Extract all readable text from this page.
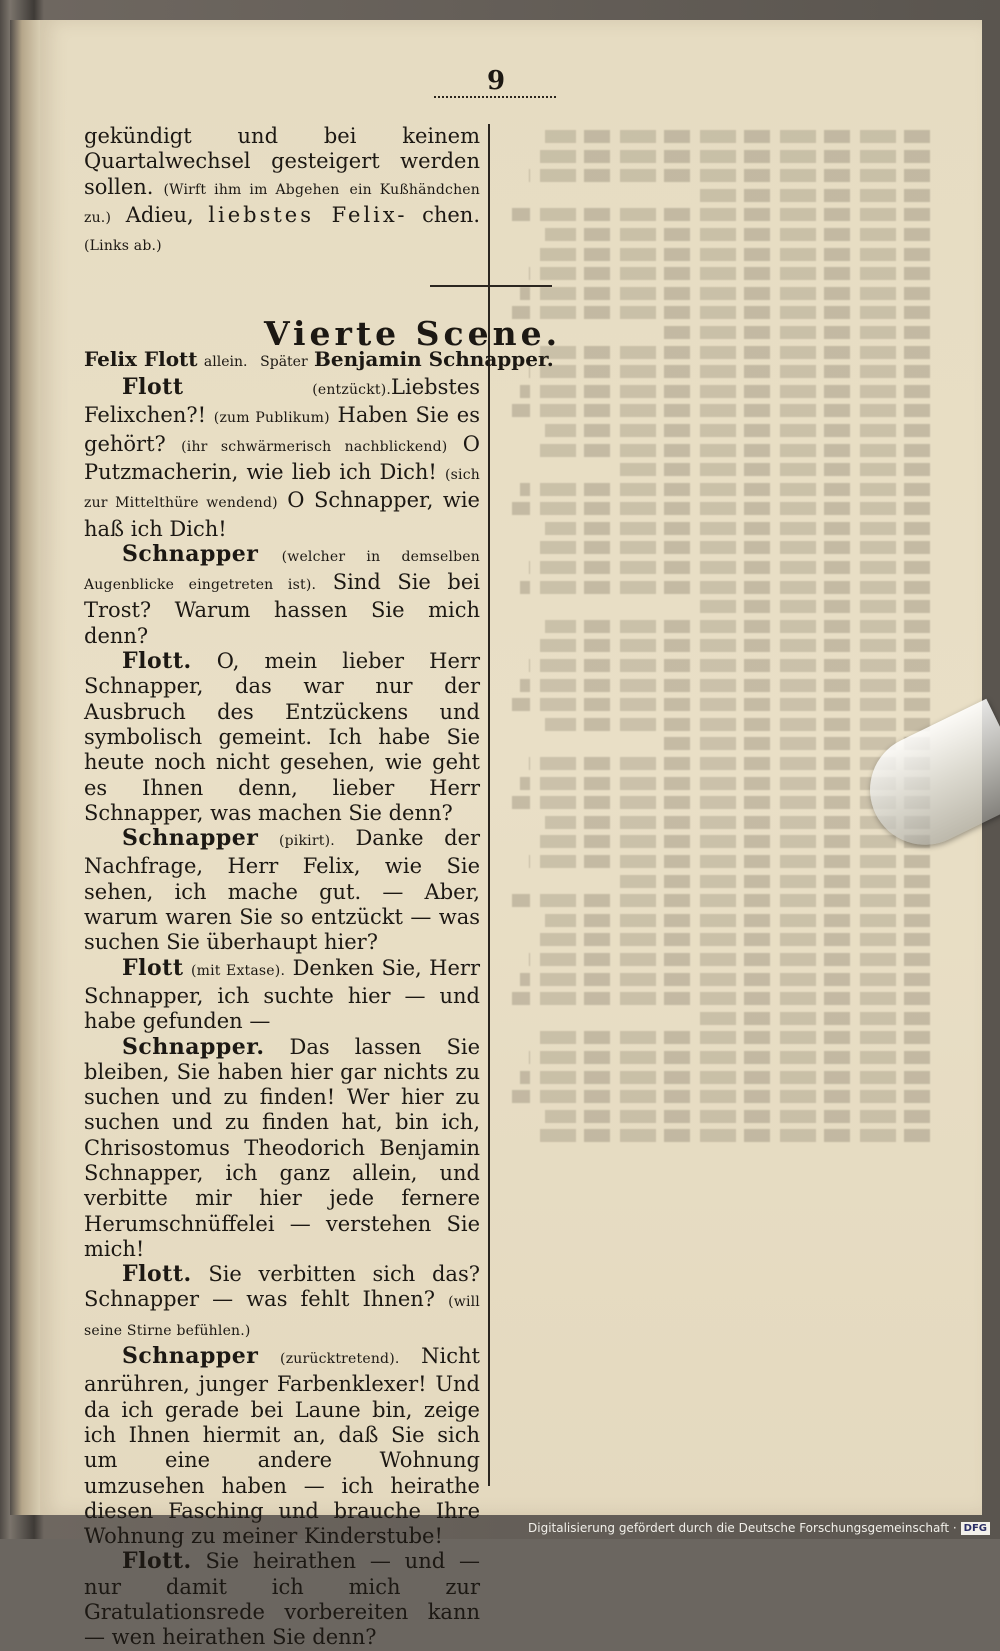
9

gekündigt und bei keinem Quartalwechsel gesteigert werden sollen. (Wirft ihm im Abgehen ein Kußhändchen zu.) Adieu, liebstes Felix- chen. (Links ab.)

Vierte Scene.

Felix Flott allein. Später Benjamin Schnapper.

Flott	(entzückt).Liebstes Felixchen?! (zum Publikum) Haben Sie es gehört? (ihr schwärmerisch nachblickend) O Putzmacherin, wie lieb ich Dich! (sich zur Mittelthüre wendend) O Schnapper, wie haß ich Dich!

Schnapper (welcher in demselben Augenblicke eingetreten ist). Sind Sie bei Trost? Warum hassen Sie mich denn?

Flott. O, mein lieber Herr Schnapper, das war nur der Ausbruch des Entzückens und symbolisch gemeint. Ich habe Sie heute noch nicht gesehen, wie geht es Ihnen denn, lieber Herr Schnapper, was machen Sie denn?

Schnapper (pikirt). Danke der Nachfrage, Herr Felix, wie Sie sehen, ich mache gut. — Aber, warum waren Sie so entzückt — was suchen Sie überhaupt hier?

Flott (mit Extase). Denken Sie, Herr Schnapper, ich suchte hier — und habe gefunden —

Schnapper. Das lassen Sie bleiben, Sie haben hier gar nichts zu suchen und zu finden! Wer hier zu suchen und zu finden hat, bin ich, Chrisostomus Theodorich Benjamin Schnapper, ich ganz allein, und verbitte mir hier jede fernere Herumschnüffelei — verstehen Sie mich!

Flott. Sie verbitten sich das? Schnapper — was fehlt Ihnen? (will seine Stirne befühlen.)

Schnapper (zurücktretend). Nicht anrühren, junger Farbenklexer! Und da ich gerade bei Laune bin, zeige ich Ihnen hiermit an, daß Sie sich um eine andere Wohnung umzusehen haben — ich heirathe diesen Fasching und brauche Ihre Wohnung zu meiner Kinderstube!

Flott. Sie heirathen — und — nur damit ich mich zur Gratulationsrede vorbereiten kann — wen heirathen Sie denn?	Digitalisierung gefördert durch die Deutsche Forschungsgemeinschaft · DFG
